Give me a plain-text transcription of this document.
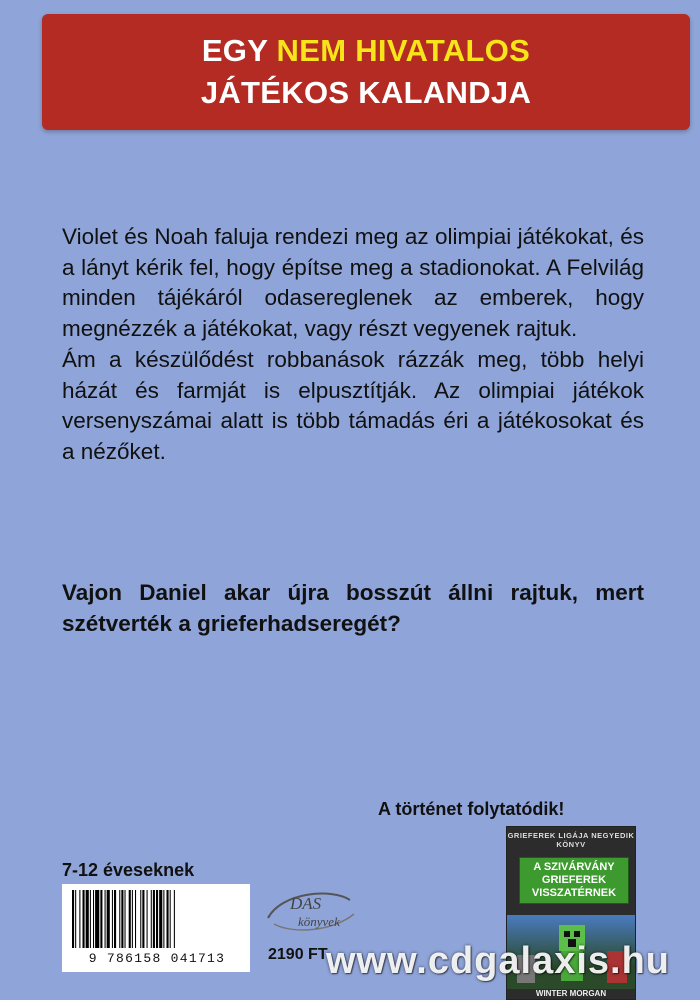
EGY NEM HIVATALOS
JÁTÉKOS KALANDJA

Violet és Noah faluja rendezi meg az olimpiai játékokat, és a lányt kérik fel, hogy építse meg a stadionokat. A Felvilág minden tájékáról odasereglenek az emberek, hogy megnézzék a játékokat, vagy részt vegyenek rajtuk.

Ám a készülődést robbanások rázzák meg, több helyi házát és farmját is elpusztítják. Az olimpiai játékok versenyszámai alatt is több támadás éri a játékosokat és a nézőket.

Vajon Daniel akar újra bosszút állni rajtuk, mert szétverték a grieferhadseregét?
A történet folytatódik!
7-12 éveseknek
9 786158 041713
DAS
könyvek
2190 FT
GRIEFEREK LIGÁJA NEGYEDIK KÖNYV
A SZIVÁRVÁNY GRIEFEREK VISSZATÉRNEK
WINTER MORGAN
www.cdgalaxis.hu
